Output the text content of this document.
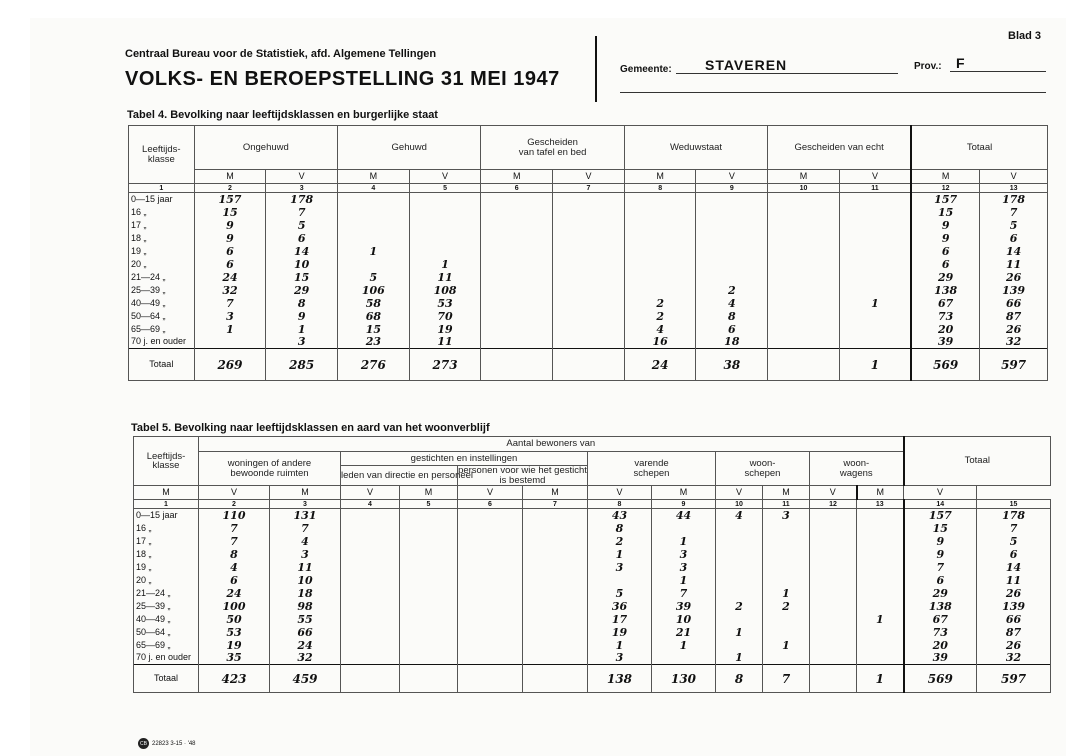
Blad 3
Centraal Bureau voor de Statistiek, afd. Algemene Tellingen
VOLKS- EN BEROEPSTELLING 31 MEI 1947	Gemeente: STAVEREN	Prov.: F
Tabel 4. Bevolking naar leeftijdsklassen en burgerlijke staat
Leeftijds-
klasse	Ongehuwd		Gehuwd		Gescheiden
van tafel en bed		Weduwstaat		Gescheiden van echt		Totaal	
	M	V	M	V	M	V	M	V	M	V	M	V
1	2	3	4	5	6	7	8	9	10	11	12	13
0—15 jaar	157	178									157	178
16 „	15	7									15	7
17 „	9	5									9	5
18 „	9	6									9	6
19 „	6	14	1								6	14
20 „	6	10		1							6	11
21—24 „	24	15	5	11							29	26
25—39 „	32	29	106	108				2			138	139
40—49 „	7	8	58	53			2	4		1	67	66
50—64 „	3	9	68	70			2	8			73	87
65—69 „	1	1	15	19			4	6			20	26
70 j. en ouder		3	23	11			16	18			39	32
Totaal	269	285	276	273			24	38		1	569	597
Tabel 5. Bevolking naar leeftijdsklassen en aard van het woonverblijf
Leeftijds-
klasse	Aantal bewoners van												Totaal	
	woningen of andere
bewoonde ruimten		gestichten en instellingen				varende
schepen		woon-
schepen		woon-
wagens			
			leden van directie en personeel		personen voor wie het gesticht
is bestemd									
M	V	M	V	M	V	M	V	M	V	M	V	M	V	
1	2	3	4	5	6	7	8	9	10	11	12	13	14	15
0—15 jaar	110	131					43	44	4	3			157	178
16 „	7	7					8						15	7
17 „	7	4					2	1					9	5
18 „	8	3					1	3					9	6
19 „	4	11					3	3					7	14
20 „	6	10						1					6	11
21—24 „	24	18					5	7		1			29	26
25—39 „	100	98					36	39	2	2			138	139
40—49 „	50	55					17	10				1	67	66
50—64 „	53	66					19	21	1				73	87
65—69 „	19	24					1	1		1			20	26
70 j. en ouder	35	32					3		1				39	32
Totaal	423	459					138	130	8	7		1	569	597
CB 22823 3-15 · '48
